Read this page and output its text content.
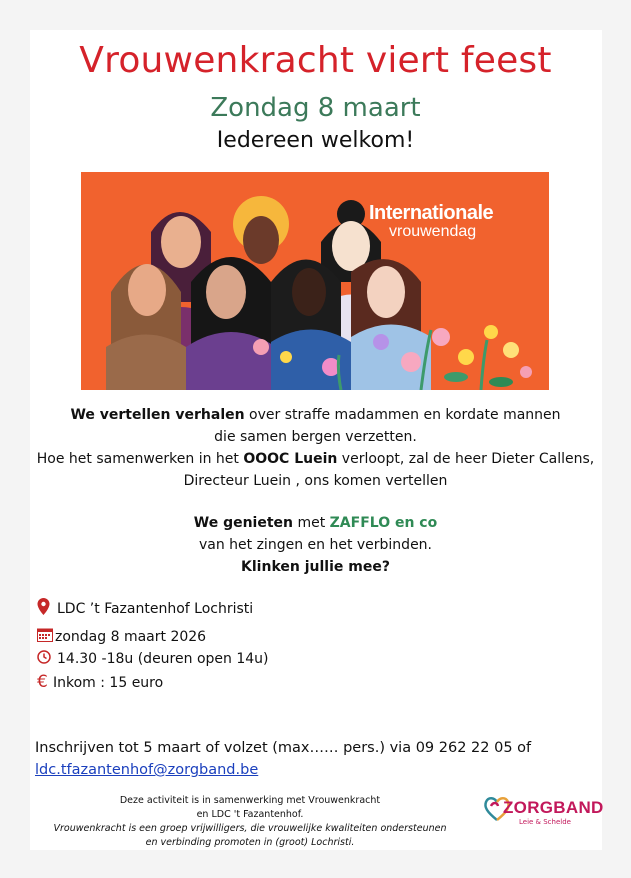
Vrouwenkracht viert feest
Zondag 8 maart
Iedereen welkom!
Internationale
vrouwendag
We vertellen verhalen over straffe madammen en kordate mannen
die samen bergen verzetten.
Hoe het samenwerken in het OOOC Luein verloopt, zal de heer Dieter Callens,
Directeur Luein , ons komen vertellen
We genieten met ZAFFLO en co
van het zingen en het verbinden.
Klinken jullie mee?
LDC ’t Fazantenhof Lochristi
zondag 8 maart 2026
14.30 -18u (deuren open 14u)
€ Inkom : 15 euro
Inschrijven tot 5 maart of volzet (max…… pers.) via 09 262 22 05 of
ldc.tfazantenhof@zorgband.be
Deze activiteit is in samenwerking met Vrouwenkracht
en LDC 't Fazantenhof.
Vrouwenkracht is een groep vrijwilligers, die vrouwelijke kwaliteiten ondersteunen
en verbinding promoten in (groot) Lochristi.
ZORGBAND
Leie & Schelde
